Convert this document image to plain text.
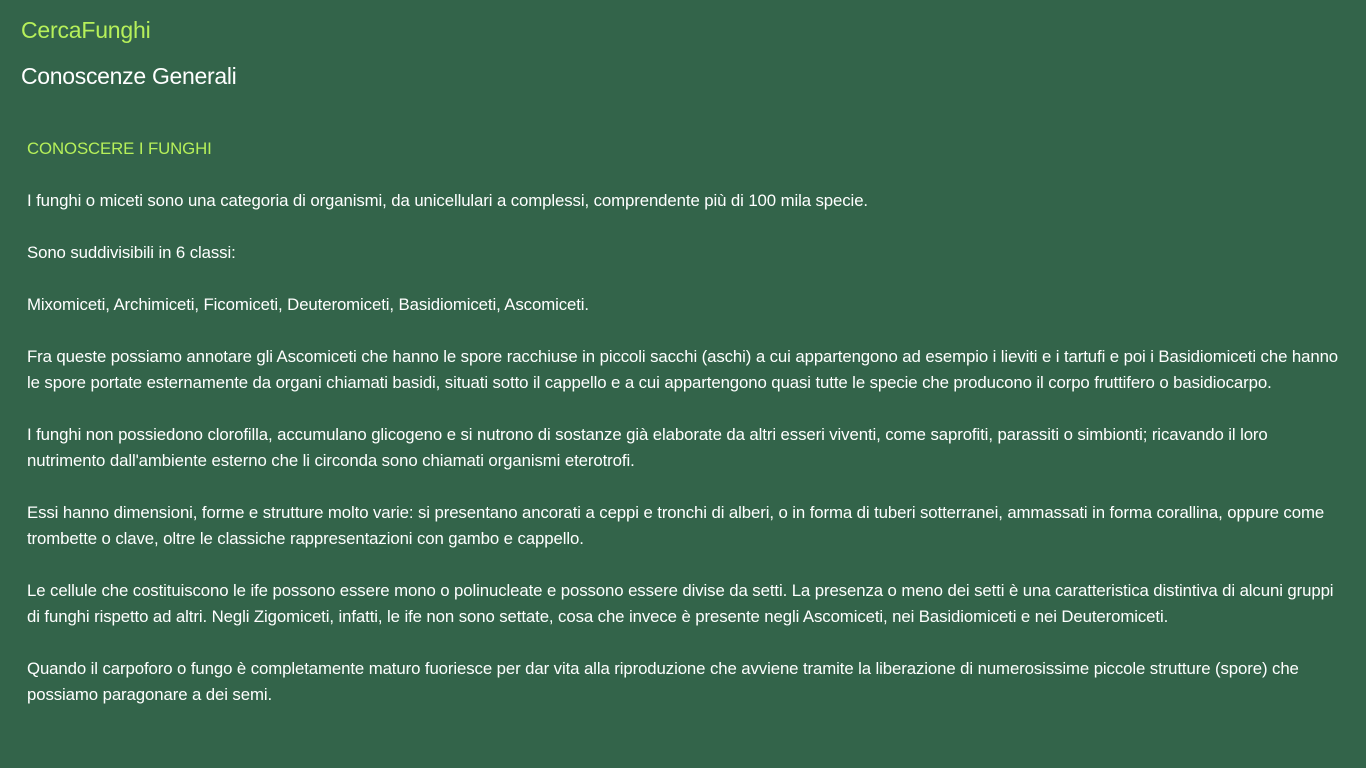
CercaFunghi
Conoscenze Generali
CONOSCERE I FUNGHI

I funghi o miceti sono una categoria di organismi, da unicellulari a complessi, comprendente più di 100 mila specie.

Sono suddivisibili in 6 classi:

Mixomiceti, Archimiceti, Ficomiceti, Deuteromiceti, Basidiomiceti, Ascomiceti.

Fra queste possiamo annotare gli Ascomiceti che hanno le spore racchiuse in piccoli sacchi (aschi) a cui appartengono ad esempio i lieviti e i tartufi e poi i Basidiomiceti che hanno le spore portate esternamente da organi chiamati basidi, situati sotto il cappello e a cui appartengono quasi tutte le specie che producono il corpo fruttifero o basidiocarpo.

I funghi non possiedono clorofilla, accumulano glicogeno e si nutrono di sostanze già elaborate da altri esseri viventi, come saprofiti, parassiti o simbionti; ricavando il loro nutrimento dall'ambiente esterno che li circonda sono chiamati organismi eterotrofi.

Essi hanno dimensioni, forme e strutture molto varie: si presentano ancorati a ceppi e tronchi di alberi, o in forma di tuberi sotterranei, ammassati in forma corallina, oppure come trombette o clave, oltre le classiche rappresentazioni con gambo e cappello.

Le cellule che costituiscono le ife possono essere mono o polinucleate e possono essere divise da setti. La presenza o meno dei setti è una caratteristica distintiva di alcuni gruppi di funghi rispetto ad altri. Negli Zigomiceti, infatti, le ife non sono settate, cosa che invece è presente negli Ascomiceti, nei Basidiomiceti e nei Deuteromiceti.

Quando il carpoforo o fungo è completamente maturo fuoriesce per dar vita alla riproduzione che avviene tramite la liberazione di numerosissime piccole strutture (spore) che possiamo paragonare a dei semi.
